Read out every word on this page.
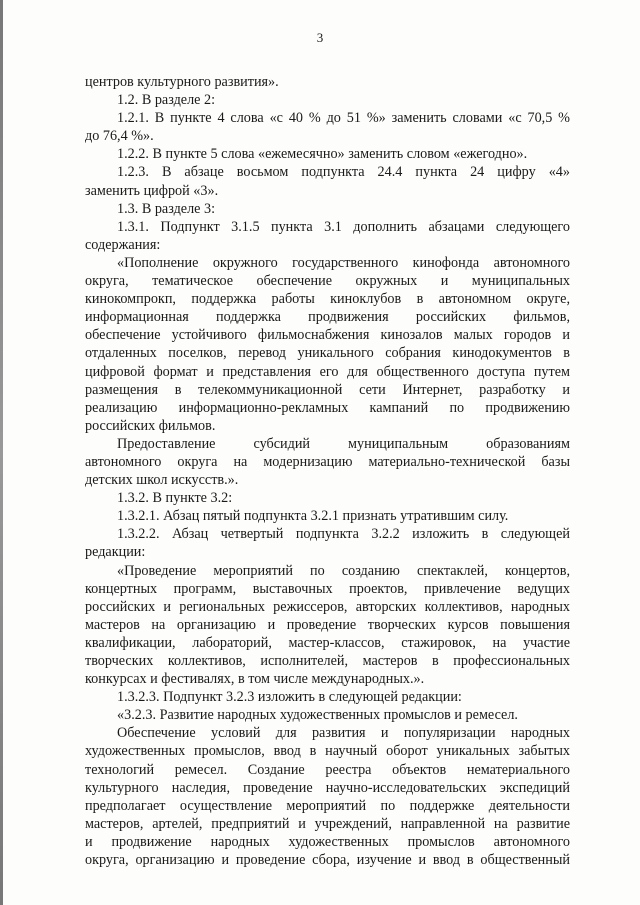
3

центров культурного развития».

1.2. В разделе 2:

1.2.1. В пункте 4 слова «с 40 % до 51 %» заменить словами «с 70,5 %

до 76,4 %».

1.2.2. В пункте 5 слова «ежемесячно» заменить словом «ежегодно».

1.2.3. В абзаце восьмом подпункта 24.4 пункта 24 цифру «4»

заменить цифрой «3».

1.3. В разделе 3:

1.3.1. Подпункт 3.1.5 пункта 3.1 дополнить абзацами следующего

содержания:

«Пополнение окружного государственного кинофонда автономного

округа, тематическое обеспечение окружных и муниципальных

кинокомпрокп, поддержка работы киноклубов в автономном округе,

информационная поддержка продвижения российских фильмов,

обеспечение устойчивого фильмоснабжения кинозалов малых городов и

отдаленных поселков, перевод уникального собрания кинодокументов в

цифровой формат и представления его для общественного доступа путем

размещения в телекоммуникационной сети Интернет, разработку и

реализацию информационно-рекламных кампаний по продвижению

российских фильмов.

Предоставление субсидий муниципальным образованиям

автономного округа на модернизацию материально-технической базы

детских школ искусств.».

1.3.2. В пункте 3.2:

1.3.2.1. Абзац пятый подпункта 3.2.1 признать утратившим силу.

1.3.2.2. Абзац четвертый подпункта 3.2.2 изложить в следующей

редакции:

«Проведение мероприятий по созданию спектаклей, концертов,

концертных программ, выставочных проектов, привлечение ведущих

российских и региональных режиссеров, авторских коллективов, народных

мастеров на организацию и проведение творческих курсов повышения

квалификации, лабораторий, мастер-классов, стажировок, на участие

творческих коллективов, исполнителей, мастеров в профессиональных

конкурсах и фестивалях, в том числе международных.».

1.3.2.3. Подпункт 3.2.3 изложить в следующей редакции:

«3.2.3. Развитие народных художественных промыслов и ремесел.

Обеспечение условий для развития и популяризации народных

художественных промыслов, ввод в научный оборот уникальных забытых

технологий ремесел. Создание реестра объектов нематериального

культурного наследия, проведение научно-исследовательских экспедиций

предполагает осуществление мероприятий по поддержке деятельности

мастеров, артелей, предприятий и учреждений, направленной на развитие

и продвижение народных художественных промыслов автономного

округа, организацию и проведение сбора, изучение и ввод в общественный
